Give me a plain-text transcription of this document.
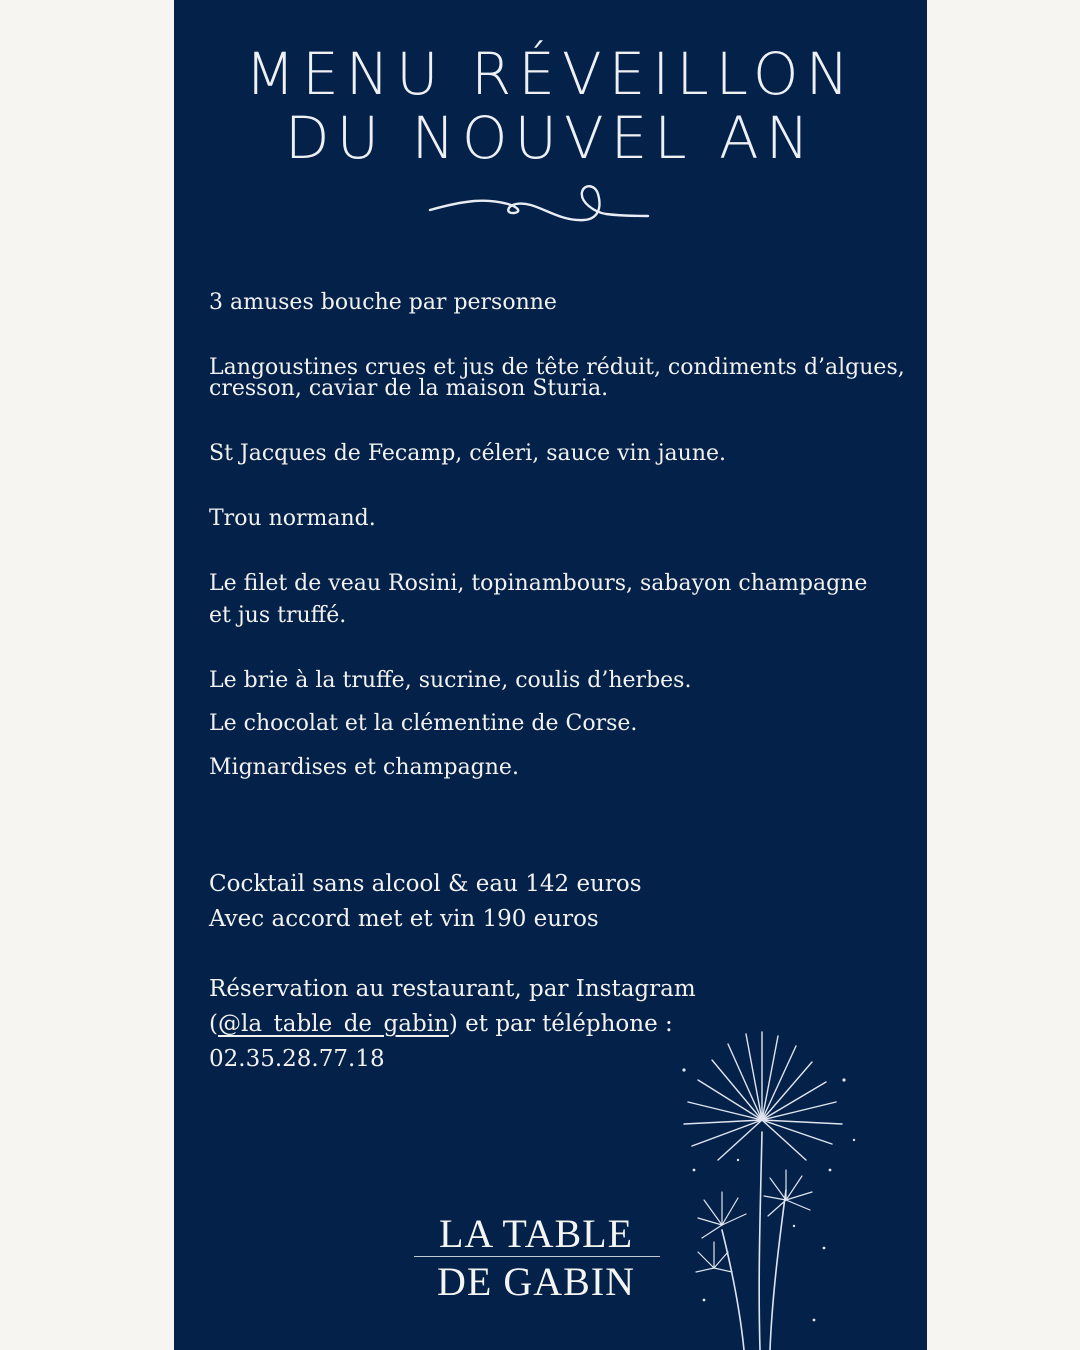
MENU RÉVEILLON
DU NOUVEL AN
3 amuses bouche par personne
Langoustines crues et jus de tête réduit, condiments d’algues,
cresson, caviar de la maison Sturia.
St Jacques de Fecamp, céleri, sauce vin jaune.
Trou normand.
Le filet de veau Rosini, topinambours, sabayon champagne
et jus truffé.
Le brie à la truffe, sucrine, coulis d’herbes.
Le chocolat et la clémentine de Corse.
Mignardises et champagne.
Cocktail sans alcool & eau 142 euros
Avec accord met et vin 190 euros
Réservation au restaurant, par Instagram
(@la_table_de_gabin) et par téléphone :
02.35.28.77.18
LA TABLE
DE GABIN
